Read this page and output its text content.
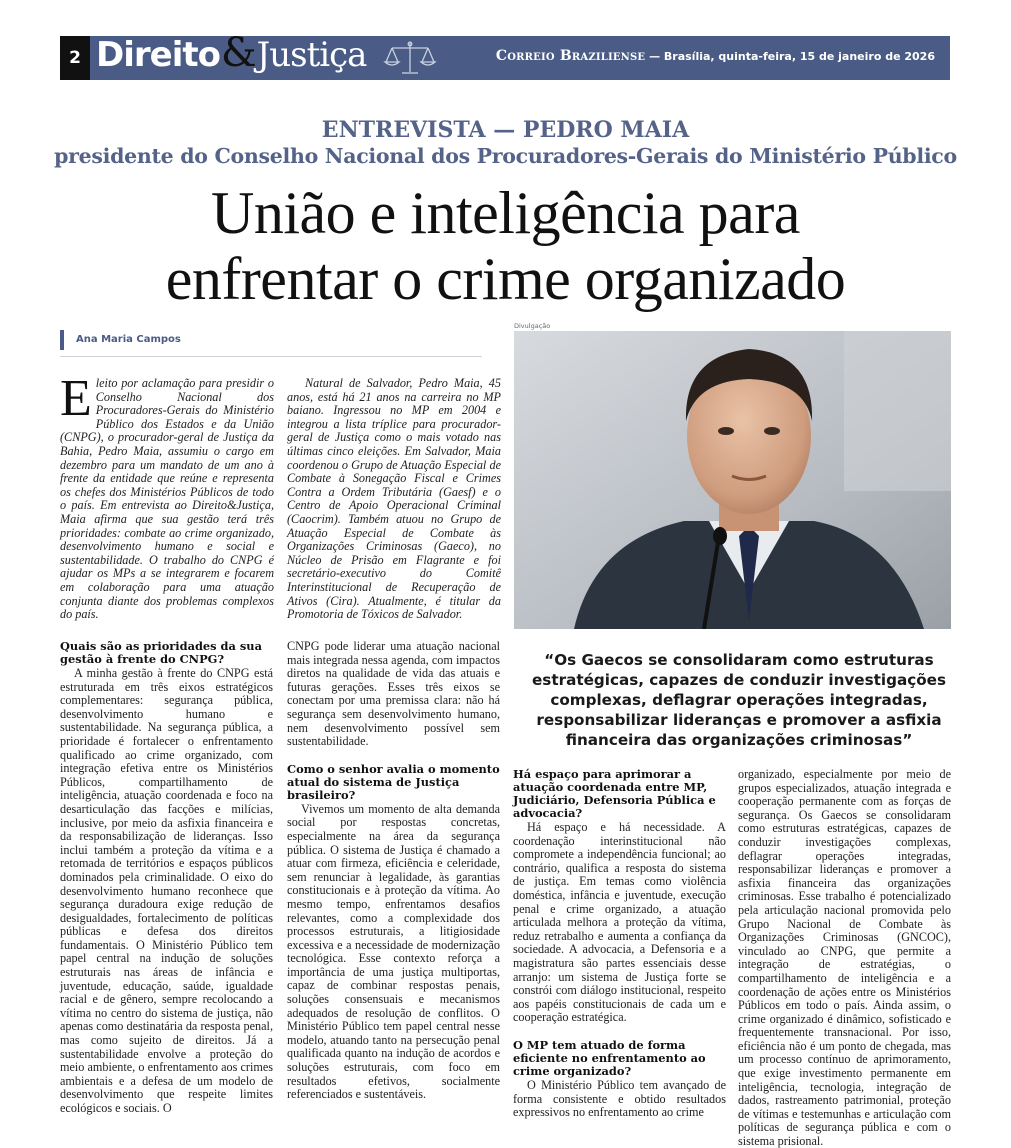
2 Direito & Justiça	Correio Braziliense — Brasília, quinta-feira, 15 de janeiro de 2026
ENTREVISTA — PEDRO MAIA
presidente do Conselho Nacional dos Procuradores-Gerais do Ministério Público
União e inteligência para
enfrentar o crime organizado
Ana Maria Campos
Eleito por aclamação para presidir o Conselho Nacional dos Procuradores-Gerais do Ministério Público dos Estados e da União (CNPG), o procurador-geral de Justiça da Bahia, Pedro Maia, assumiu o cargo em dezembro para um mandato de um ano à frente da entidade que reúne e representa os chefes dos Ministérios Públicos de todo o país. Em entrevista ao Direito&Justiça, Maia afirma que sua gestão terá três prioridades: combate ao crime organizado, desenvolvimento humano e social e sustentabilidade. O trabalho do CNPG é ajudar os MPs a se integrarem e focarem em colaboração para uma atuação conjunta diante dos problemas complexos do país.
Natural de Salvador, Pedro Maia, 45 anos, está há 21 anos na carreira no MP baiano. Ingressou no MP em 2004 e integrou a lista tríplice para procurador-geral de Justiça como o mais votado nas últimas cinco eleições. Em Salvador, Maia coordenou o Grupo de Atuação Especial de Combate à Sonegação Fiscal e Crimes Contra a Ordem Tributária (Gaesf) e o Centro de Apoio Operacional Criminal (Caocrim). Também atuou no Grupo de Atuação Especial de Combate às Organizações Criminosas (Gaeco), no Núcleo de Prisão em Flagrante e foi secretário-executivo do Comitê Interinstitucional de Recuperação de Ativos (Cira). Atualmente, é titular da Promotoria de Tóxicos de Salvador.
Divulgação
“Os Gaecos se consolidaram como estruturas estratégicas, capazes de conduzir investigações complexas, deflagrar operações integradas, responsabilizar lideranças e promover a asfixia financeira das organizações criminosas”
Quais são as prioridades da sua gestão à frente do CNPG?

A minha gestão à frente do CNPG está estruturada em três eixos estratégicos complementares: segurança pública, desenvolvimento humano e sustentabilidade. Na segurança pública, a prioridade é fortalecer o enfrentamento qualificado ao crime organizado, com integração efetiva entre os Ministérios Públicos, compartilhamento de inteligência, atuação coordenada e foco na desarticulação das facções e milícias, inclusive, por meio da asfixia financeira e da responsabilização de lideranças. Isso inclui também a proteção da vítima e a retomada de territórios e espaços públicos dominados pela criminalidade. O eixo do desenvolvimento humano reconhece que segurança duradoura exige redução de desigualdades, fortalecimento de políticas públicas e defesa dos direitos fundamentais. O Ministério Público tem papel central na indução de soluções estruturais nas áreas de infância e juventude, educação, saúde, igualdade racial e de gênero, sempre recolocando a vítima no centro do sistema de justiça, não apenas como destinatária da resposta penal, mas como sujeito de direitos. Já a sustentabilidade envolve a proteção do meio ambiente, o enfrentamento aos crimes ambientais e a defesa de um modelo de desenvolvimento que respeite limites ecológicos e sociais. O

CNPG pode liderar uma atuação nacional mais integrada nessa agenda, com impactos diretos na qualidade de vida das atuais e futuras gerações. Esses três eixos se conectam por uma premissa clara: não há segurança sem desenvolvimento humano, nem desenvolvimento possível sem sustentabilidade.

Como o senhor avalia o momento atual do sistema de Justiça brasileiro?

Vivemos um momento de alta demanda social por respostas concretas, especialmente na área da segurança pública. O sistema de Justiça é chamado a atuar com firmeza, eficiência e celeridade, sem renunciar à legalidade, às garantias constitucionais e à proteção da vítima. Ao mesmo tempo, enfrentamos desafios relevantes, como a complexidade dos processos estruturais, a litigiosidade excessiva e a necessidade de modernização tecnológica. Esse contexto reforça a importância de uma justiça multiportas, capaz de combinar respostas penais, soluções consensuais e mecanismos adequados de resolução de conflitos. O Ministério Público tem papel central nesse modelo, atuando tanto na persecução penal qualificada quanto na indução de acordos e soluções estruturais, com foco em resultados efetivos, socialmente referenciados e sustentáveis.

Há espaço para aprimorar a atuação coordenada entre MP, Judiciário, Defensoria Pública e advocacia?

Há espaço e há necessidade. A coordenação interinstitucional não compromete a independência funcional; ao contrário, qualifica a resposta do sistema de justiça. Em temas como violência doméstica, infância e juventude, execução penal e crime organizado, a atuação articulada melhora a proteção da vítima, reduz retrabalho e aumenta a confiança da sociedade. A advocacia, a Defensoria e a magistratura são partes essenciais desse arranjo: um sistema de Justiça forte se constrói com diálogo institucional, respeito aos papéis constitucionais de cada um e cooperação estratégica.

O MP tem atuado de forma eficiente no enfrentamento ao crime organizado?

O Ministério Público tem avançado de forma consistente e obtido resultados expressivos no enfrentamento ao crime

organizado, especialmente por meio de grupos especializados, atuação integrada e cooperação permanente com as forças de segurança. Os Gaecos se consolidaram como estruturas estratégicas, capazes de conduzir investigações complexas, deflagrar operações integradas, responsabilizar lideranças e promover a asfixia financeira das organizações criminosas. Esse trabalho é potencializado pela articulação nacional promovida pelo Grupo Nacional de Combate às Organizações Criminosas (GNCOC), vinculado ao CNPG, que permite a integração de estratégias, o compartilhamento de inteligência e a coordenação de ações entre os Ministérios Públicos em todo o país. Ainda assim, o crime organizado é dinâmico, sofisticado e frequentemente transnacional. Por isso, eficiência não é um ponto de chegada, mas um processo contínuo de aprimoramento, que exige investimento permanente em inteligência, tecnologia, integração de dados, rastreamento patrimonial, proteção de vítimas e testemunhas e articulação com políticas de segurança pública e com o sistema prisional.
